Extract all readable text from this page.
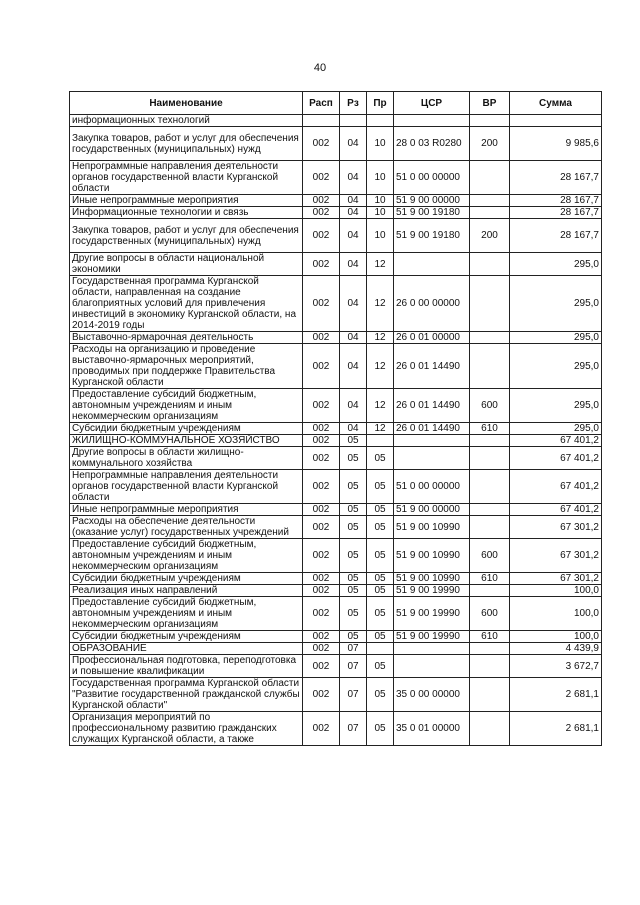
40
Наименование	Расп	Рз	Пр	ЦСР	ВР	Сумма
информационных технологий						
Закупка товаров, работ и услуг для обеспечения государственных (муниципальных) нужд	002	04	10	28 0 03 R0280	200	9 985,6
Непрограммные направления деятельности органов государственной власти Курганской области	002	04	10	51 0 00 00000		28 167,7
Иные непрограммные мероприятия	002	04	10	51 9 00 00000		28 167,7
Информационные технологии и связь	002	04	10	51 9 00 19180		28 167,7
Закупка товаров, работ и услуг для обеспечения государственных (муниципальных) нужд	002	04	10	51 9 00 19180	200	28 167,7
Другие вопросы в области национальной экономики	002	04	12			295,0
Государственная программа Курганской области, направленная на создание благоприятных условий для привлечения инвестиций в экономику Курганской области, на 2014-2019 годы	002	04	12	26 0 00 00000		295,0
Выставочно-ярмарочная деятельность	002	04	12	26 0 01 00000		295,0
Расходы на организацию и проведение выставочно-ярмарочных мероприятий, проводимых при поддержке Правительства Курганской области	002	04	12	26 0 01 14490		295,0
Предоставление субсидий бюджетным, автономным учреждениям и иным некоммерческим организациям	002	04	12	26 0 01 14490	600	295,0
Субсидии бюджетным учреждениям	002	04	12	26 0 01 14490	610	295,0
ЖИЛИЩНО-КОММУНАЛЬНОЕ ХОЗЯЙСТВО	002	05				67 401,2
Другие вопросы в области жилищно-коммунального хозяйства	002	05	05			67 401,2
Непрограммные направления деятельности органов государственной власти Курганской области	002	05	05	51 0 00 00000		67 401,2
Иные непрограммные мероприятия	002	05	05	51 9 00 00000		67 401,2
Расходы на обеспечение деятельности (оказание услуг) государственных учреждений	002	05	05	51 9 00 10990		67 301,2
Предоставление субсидий бюджетным, автономным учреждениям и иным некоммерческим организациям	002	05	05	51 9 00 10990	600	67 301,2
Субсидии бюджетным учреждениям	002	05	05	51 9 00 10990	610	67 301,2
Реализация иных направлений	002	05	05	51 9 00 19990		100,0
Предоставление субсидий бюджетным, автономным учреждениям и иным некоммерческим организациям	002	05	05	51 9 00 19990	600	100,0
Субсидии бюджетным учреждениям	002	05	05	51 9 00 19990	610	100,0
ОБРАЗОВАНИЕ	002	07				4 439,9
Профессиональная подготовка, переподготовка и повышение квалификации	002	07	05			3 672,7
Государственная программа Курганской области "Развитие государственной гражданской службы Курганской области"	002	07	05	35 0 00 00000		2 681,1
Организация мероприятий по профессиональному развитию гражданских служащих Курганской области, а также	002	07	05	35 0 01 00000		2 681,1
